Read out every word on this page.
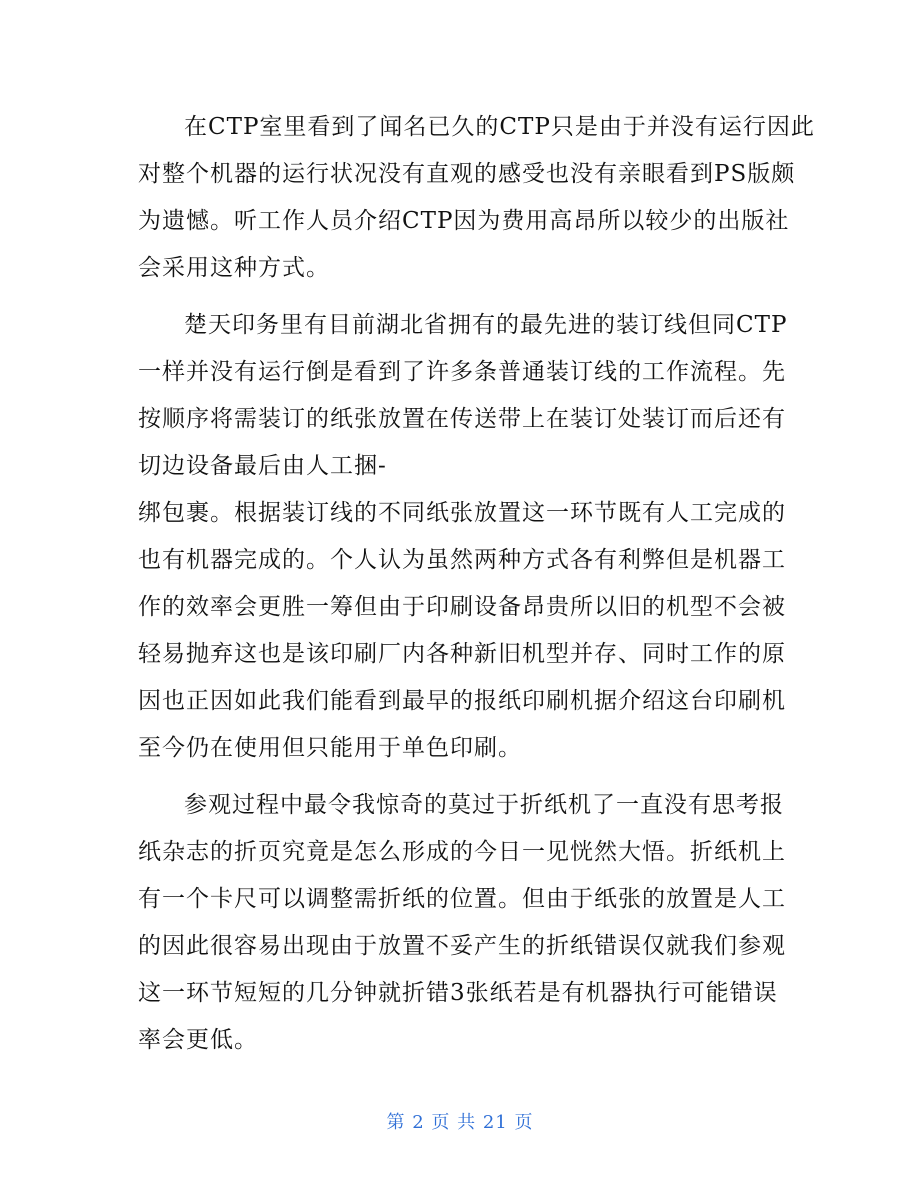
在CTP室里看到了闻名已久的CTP只是由于并没有运行因此
对整个机器的运行状况没有直观的感受也没有亲眼看到PS版颇
为遗憾。听工作人员介绍CTP因为费用高昂所以较少的出版社
会采用这种方式。
楚天印务里有目前湖北省拥有的最先进的装订线但同CTP
一样并没有运行倒是看到了许多条普通装订线的工作流程。先
按顺序将需装订的纸张放置在传送带上在装订处装订而后还有
切边设备最后由人工捆-
绑包裹。根据装订线的不同纸张放置这一环节既有人工完成的
也有机器完成的。个人认为虽然两种方式各有利弊但是机器工
作的效率会更胜一筹但由于印刷设备昂贵所以旧的机型不会被
轻易抛弃这也是该印刷厂内各种新旧机型并存、同时工作的原
因也正因如此我们能看到最早的报纸印刷机据介绍这台印刷机
至今仍在使用但只能用于单色印刷。
参观过程中最令我惊奇的莫过于折纸机了一直没有思考报
纸杂志的折页究竟是怎么形成的今日一见恍然大悟。折纸机上
有一个卡尺可以调整需折纸的位置。但由于纸张的放置是人工
的因此很容易出现由于放置不妥产生的折纸错误仅就我们参观
这一环节短短的几分钟就折错3张纸若是有机器执行可能错误
率会更低。
第 2 页 共 21 页
